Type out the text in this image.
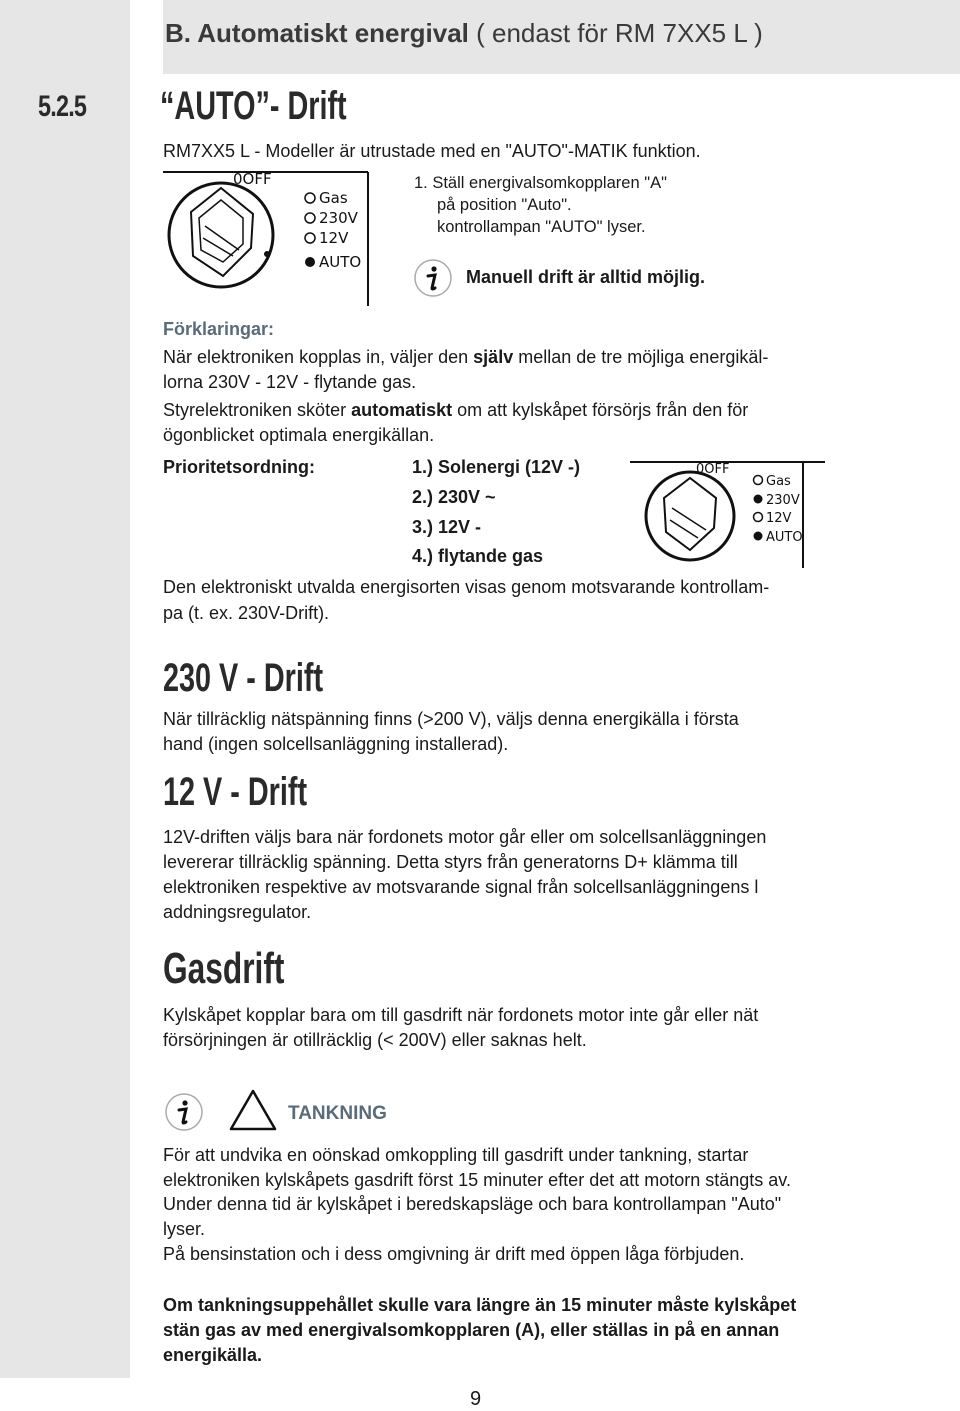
B. Automatiskt energival ( endast för RM 7XX5 L )
5.2.5 “AUTO”- Drift
RM7XX5 L - Modeller är utrustade med en "AUTO"-MATIK funktion.
0OFF
Gas
230V
12V
AUTO
1. Ställ energivalsomkopplaren "A"
på position "Auto".
kontrollampan "AUTO" lyser.
Manuell drift är alltid möjlig.
Förklaringar:
När elektroniken kopplas in, väljer den själv mellan de tre möjliga energikäl-
lorna 230V - 12V - flytande gas.
Styrelektroniken sköter automatiskt om att kylskåpet försörjs från den för
ögonblicket optimala energikällan.
Prioritetsordning:	1.) Solenergi (12V -)
2.) 230V ~
3.) 12V -
4.) flytande gas
0OFF
Gas
230V
12V
AUTO
Den elektroniskt utvalda energisorten visas genom motsvarande kontrollam-
pa (t. ex. 230V-Drift).
230 V - Drift
När tillräcklig nätspänning finns (>200 V), väljs denna energikälla i första
hand (ingen solcellsanläggning installerad).
12 V - Drift
12V-driften väljs bara när fordonets motor går eller om solcellsanläggningen
levererar tillräcklig spänning. Detta styrs från generatorns D+ klämma till
elektroniken respektive av motsvarande signal från solcellsanläggningens l
addningsregulator.
Gasdrift
Kylskåpet kopplar bara om till gasdrift när fordonets motor inte går eller nät
försörjningen är otillräcklig (< 200V) eller saknas helt.
TANKNING
För att undvika en oönskad omkoppling till gasdrift under tankning, startar
elektroniken kylskåpets gasdrift först 15 minuter efter det att motorn stängts av.
Under denna tid är kylskåpet i beredskapsläge och bara kontrollampan "Auto"
lyser.
På bensinstation och i dess omgivning är drift med öppen låga förbjuden.
Om tankningsuppehållet skulle vara längre än 15 minuter måste kylskåpet
stän gas av med energivalsomkopplaren (A), eller ställas in på en annan
energikälla.
9
